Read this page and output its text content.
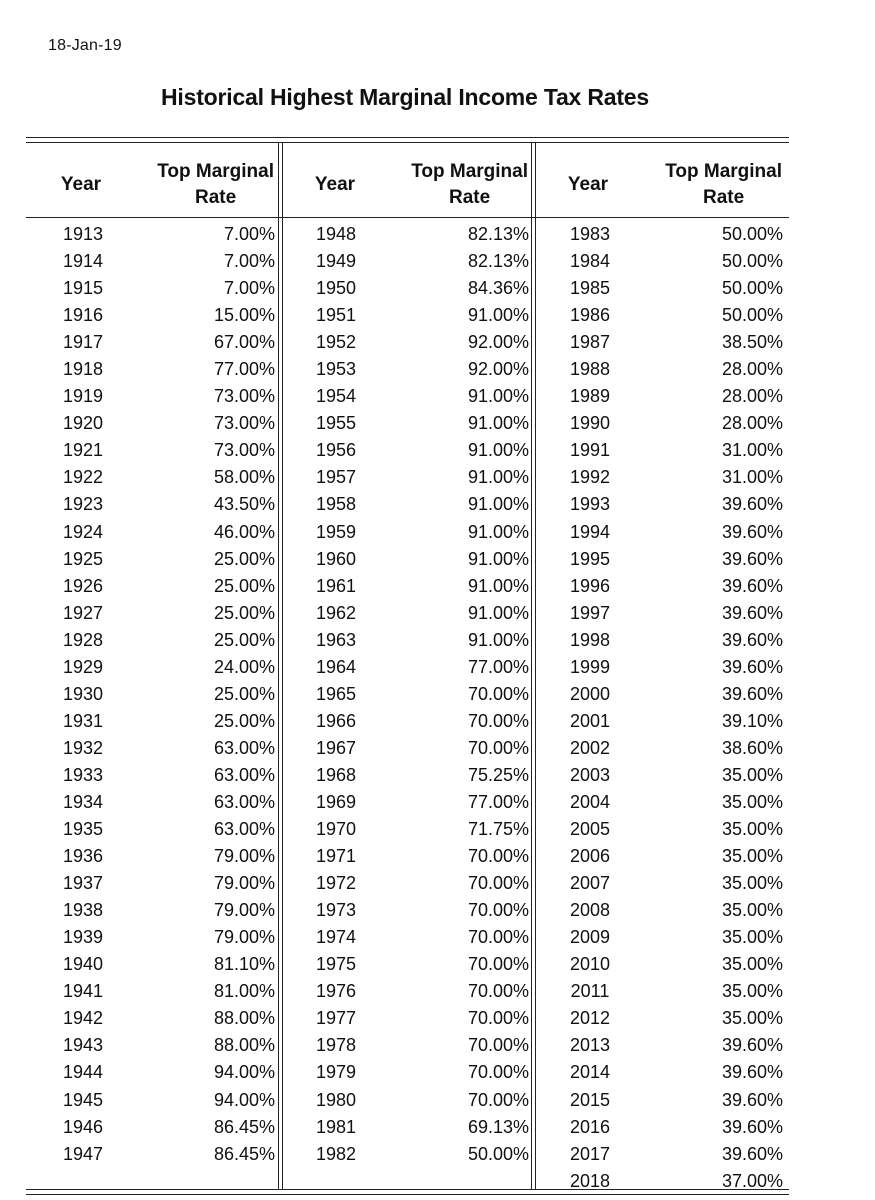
18-Jan-19
Historical Highest Marginal Income Tax Rates
Year
Top Marginal
Rate
Year
Top Marginal
Rate
Year
Top Marginal
Rate
1913
1914
1915
1916
1917
1918
1919
1920
1921
1922
1923
1924
1925
1926
1927
1928
1929
1930
1931
1932
1933
1934
1935
1936
1937
1938
1939
1940
1941
1942
1943
1944
1945
1946
1947
7.00%
7.00%
7.00%
15.00%
67.00%
77.00%
73.00%
73.00%
73.00%
58.00%
43.50%
46.00%
25.00%
25.00%
25.00%
25.00%
24.00%
25.00%
25.00%
63.00%
63.00%
63.00%
63.00%
79.00%
79.00%
79.00%
79.00%
81.10%
81.00%
88.00%
88.00%
94.00%
94.00%
86.45%
86.45%
1948
1949
1950
1951
1952
1953
1954
1955
1956
1957
1958
1959
1960
1961
1962
1963
1964
1965
1966
1967
1968
1969
1970
1971
1972
1973
1974
1975
1976
1977
1978
1979
1980
1981
1982
82.13%
82.13%
84.36%
91.00%
92.00%
92.00%
91.00%
91.00%
91.00%
91.00%
91.00%
91.00%
91.00%
91.00%
91.00%
91.00%
77.00%
70.00%
70.00%
70.00%
75.25%
77.00%
71.75%
70.00%
70.00%
70.00%
70.00%
70.00%
70.00%
70.00%
70.00%
70.00%
70.00%
69.13%
50.00%
1983
1984
1985
1986
1987
1988
1989
1990
1991
1992
1993
1994
1995
1996
1997
1998
1999
2000
2001
2002
2003
2004
2005
2006
2007
2008
2009
2010
2011
2012
2013
2014
2015
2016
2017
2018
50.00%
50.00%
50.00%
50.00%
38.50%
28.00%
28.00%
28.00%
31.00%
31.00%
39.60%
39.60%
39.60%
39.60%
39.60%
39.60%
39.60%
39.60%
39.10%
38.60%
35.00%
35.00%
35.00%
35.00%
35.00%
35.00%
35.00%
35.00%
35.00%
35.00%
39.60%
39.60%
39.60%
39.60%
39.60%
37.00%
